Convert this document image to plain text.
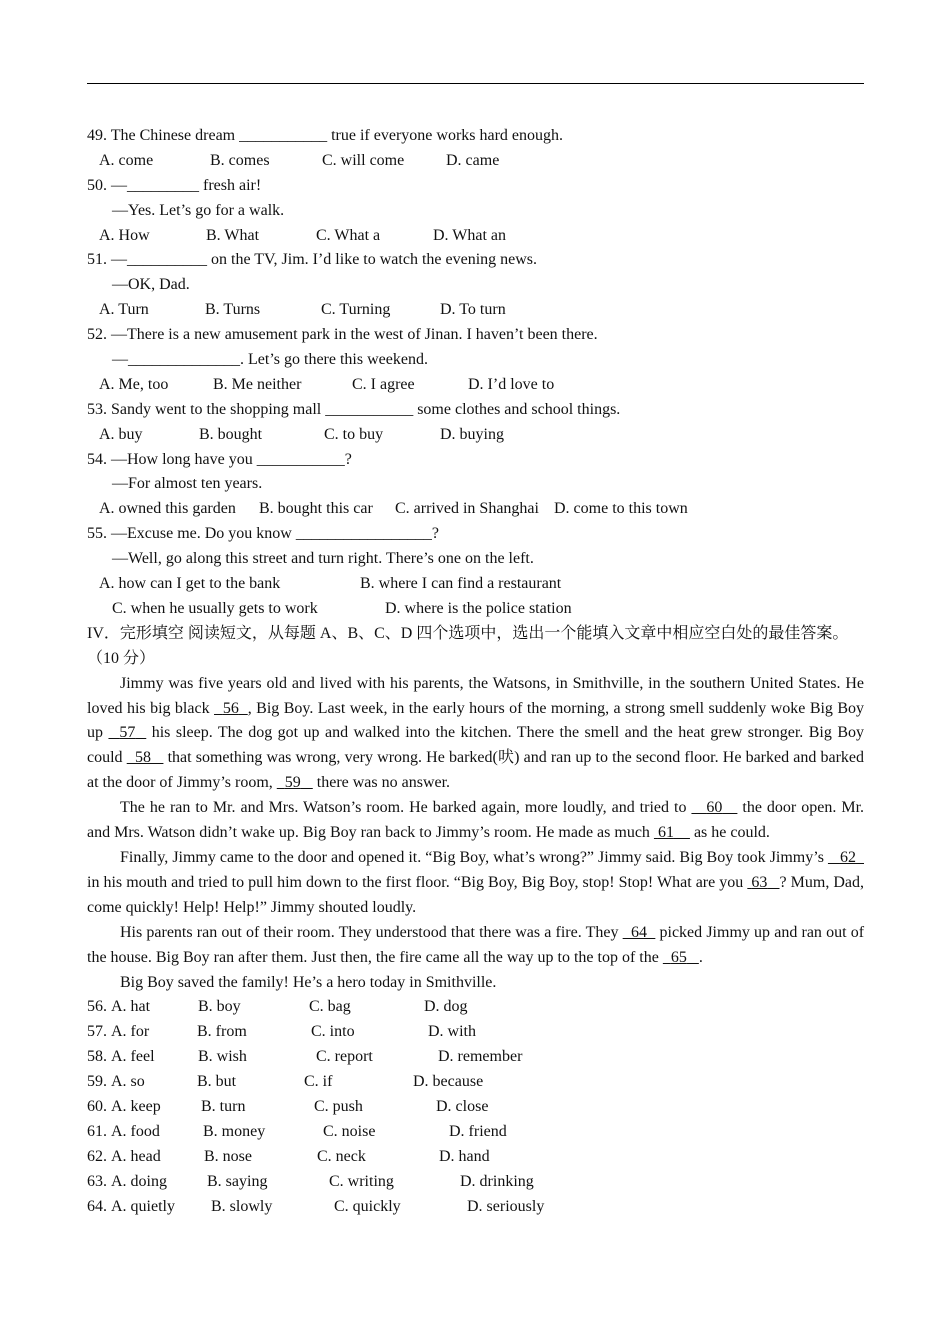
49. The Chinese dream ___________ true if everyone works hard enough.
A. come	B. comes	C. will come	D. came
50. —_________ fresh air!
—Yes. Let’s go for a walk.
A. How	B. What	C. What a	D. What an
51. —__________ on the TV, Jim. I’d like to watch the evening news.
—OK, Dad.
A. Turn	B. Turns	C. Turning	D. To turn
52. —There is a new amusement park in the west of Jinan. I haven’t been there.
—______________. Let’s go there this weekend.
A. Me, too	B. Me neither	C. I agree	D. I’d love to
53. Sandy went to the shopping mall ___________ some clothes and school things.
A. buy	B. bought	C. to buy	D. buying
54. —How long have you ___________?
—For almost ten years.
A. owned this garden B. bought this car C. arrived in Shanghai D. come to this town
55. —Excuse me. Do you know _________________?
—Well, go along this street and turn right. There’s one on the left.
A. how can I get to the bank	B. where I can find a restaurant
C. when he usually gets to work	D. where is the police station
IV．完形填空 阅读短文，从每题 A、B、C、D 四个选项中，选出一个能填入文章中相应空白处的最佳答案。（10 分）
Jimmy was five years old and lived with his parents, the Watsons, in Smithville, in the southern United States. He loved his big black   56 , Big Boy. Last week, in the early hours of the morning, a strong smell suddenly woke Big Boy up   57   his sleep. The dog got up and walked into the kitchen. There the smell and the heat grew stronger. Big Boy could   58    that something was wrong, very wrong. He barked(吠) and ran up to the second floor. He barked and barked at the door of Jimmy’s room,   59    there was no answer.
The he ran to Mr. and Mrs. Watson’s room. He barked again, more loudly, and tried to    60    the door open. Mr. and Mrs. Watson didn’t wake up. Big Boy ran back to Jimmy’s room. He made as much  61     as he could.
Finally, Jimmy came to the door and opened it. “Big Boy, what’s wrong?” Jimmy said. Big Boy took Jimmy’s    62   in his mouth and tried to pull him down to the first floor. “Big Boy, Big Boy, stop! Stop! What are you  63 ? Mum, Dad, come quickly! Help! Help!” Jimmy shouted loudly.
His parents ran out of their room. They understood that there was a fire. They   64   picked Jimmy up and ran out of the house. Big Boy ran after them. Just then, the fire came all the way up to the top of the   65 .
Big Boy saved the family! He’s a hero today in Smithville.
56. A. hat	B. boy	C. bag	D. dog
57. A. for	B. from	C. into	D. with
58. A. feel	B. wish	C. report	D. remember
59. A. so	B. but	C. if	D. because
60. A. keep	B. turn	C. push	D. close
61. A. food	B. money	C. noise	D. friend
62. A. head	B. nose	C. neck	D. hand
63. A. doing	B. saying	C. writing	D. drinking
64. A. quietly B. slowly	C. quickly	D. seriously
